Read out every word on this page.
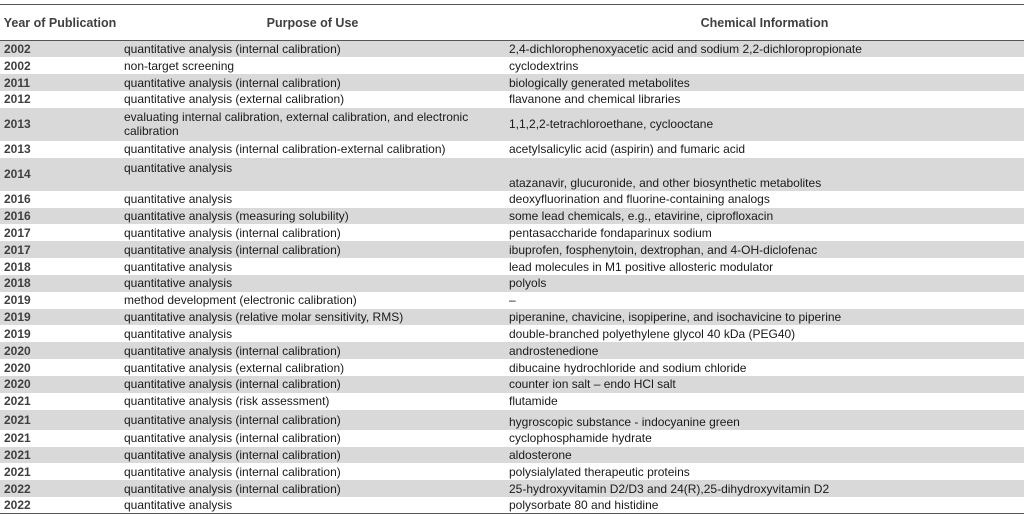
Year of Publication	Purpose of Use	Chemical Information
2002	quantitative analysis (internal calibration)	2,4-dichlorophenoxyacetic acid and sodium 2,2-dichloropropionate
2002	non-target screening	cyclodextrins
2011	quantitative analysis (internal calibration)	biologically generated metabolites
2012	quantitative analysis (external calibration)	flavanone and chemical libraries
2013	evaluating internal calibration, external calibration, and electronic calibration	1,1,2,2-tetrachloroethane, cyclooctane
2013	quantitative analysis (internal calibration-external calibration)	acetylsalicylic acid (aspirin) and fumaric acid
2014	quantitative analysis	atazanavir, glucuronide, and other biosynthetic metabolites
2016	quantitative analysis	deoxyfluorination and fluorine-containing analogs
2016	quantitative analysis (measuring solubility)	some lead chemicals, e.g., etavirine, ciprofloxacin
2017	quantitative analysis (internal calibration)	pentasaccharide fondaparinux sodium
2017	quantitative analysis (internal calibration)	ibuprofen, fosphenytoin, dextrophan, and 4-OH-diclofenac
2018	quantitative analysis	lead molecules in M1 positive allosteric modulator
2018	quantitative analysis	polyols
2019	method development (electronic calibration)	–
2019	quantitative analysis (relative molar sensitivity, RMS)	piperanine, chavicine, isopiperine, and isochavicine to piperine
2019	quantitative analysis	double-branched polyethylene glycol 40 kDa (PEG40)
2020	quantitative analysis (internal calibration)	androstenedione
2020	quantitative analysis (external calibration)	dibucaine hydrochloride and sodium chloride
2020	quantitative analysis (internal calibration)	counter ion salt – endo HCl salt
2021	quantitative analysis (risk assessment)	flutamide
2021	quantitative analysis (internal calibration)	hygroscopic substance - indocyanine green
2021	quantitative analysis (internal calibration)	cyclophosphamide hydrate
2021	quantitative analysis (internal calibration)	aldosterone
2021	quantitative analysis (internal calibration)	polysialylated therapeutic proteins
2022	quantitative analysis (internal calibration)	25-hydroxyvitamin D2/D3 and 24(R),25-dihydroxyvitamin D2
2022	quantitative analysis	polysorbate 80 and histidine
